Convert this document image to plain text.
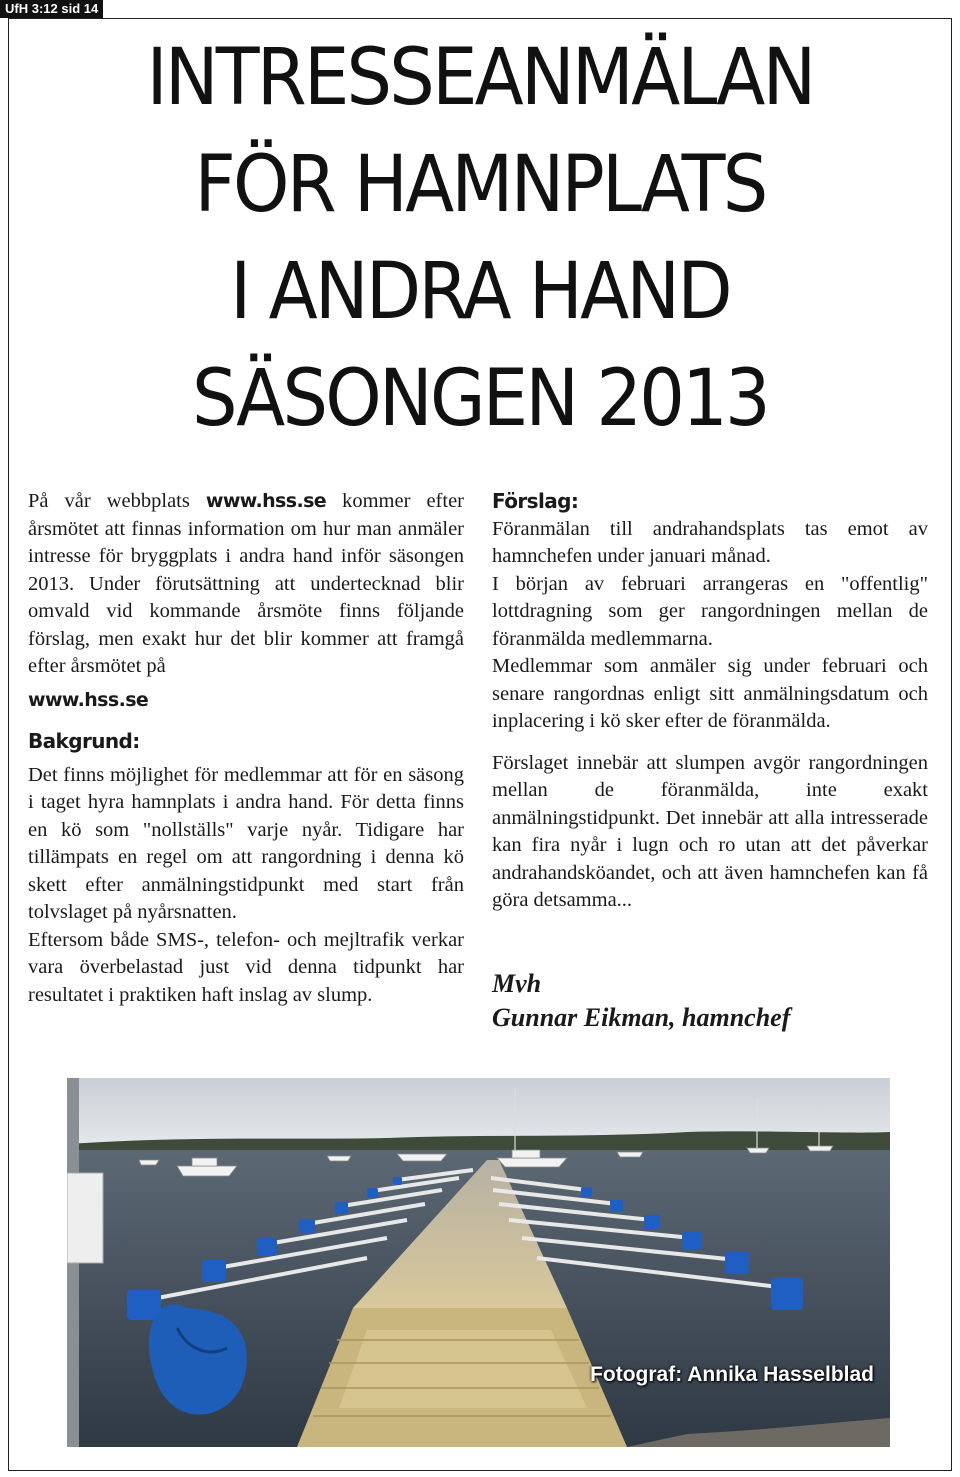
UfH 3:12 sid 14
INTRESSEANMÄLAN
FÖR HAMNPLATS
I ANDRA HAND
SÄSONGEN 2013

På vår webbplats www.hss.se kommer efter årsmötet att finnas information om hur man anmäler intresse för bryggplats i andra hand inför säsongen 2013. Under förutsättning att undertecknad blir omvald vid kommande årsmöte finns följande förslag, men exakt hur det blir kommer att framgå efter årsmötet på

www.hss.se

Bakgrund:

Det finns möjlighet för medlemmar att för en säsong i taget hyra hamnplats i andra hand. För detta finns en kö som "nollställs" varje nyår. Tidigare har tillämpats en regel om att rangordning i denna kö skett efter anmälningstidpunkt med start från tolvslaget på nyårsnatten.

Eftersom både SMS-, telefon- och mejltrafik verkar vara överbelastad just vid denna tidpunkt har resultatet i praktiken haft inslag av slump.

Förslag:

Föranmälan till andrahandsplats tas emot av hamnchefen under januari månad.

I början av februari arrangeras en "offentlig" lottdragning som ger rangordningen mellan de föranmälda medlemmarna.

Medlemmar som anmäler sig under februari och senare rangordnas enligt sitt anmälningsdatum och inplacering i kö sker efter de föranmälda.

Förslaget innebär att slumpen avgör rangordningen mellan de föranmälda, inte exakt anmälningstidpunkt. Det innebär att alla intresserade kan fira nyår i lugn och ro utan att det påverkar andrahandsköandet, och att även hamnchefen kan få göra detsamma...

Mvh
Gunnar Eikman, hamnchef
Fotograf: Annika Hasselblad
